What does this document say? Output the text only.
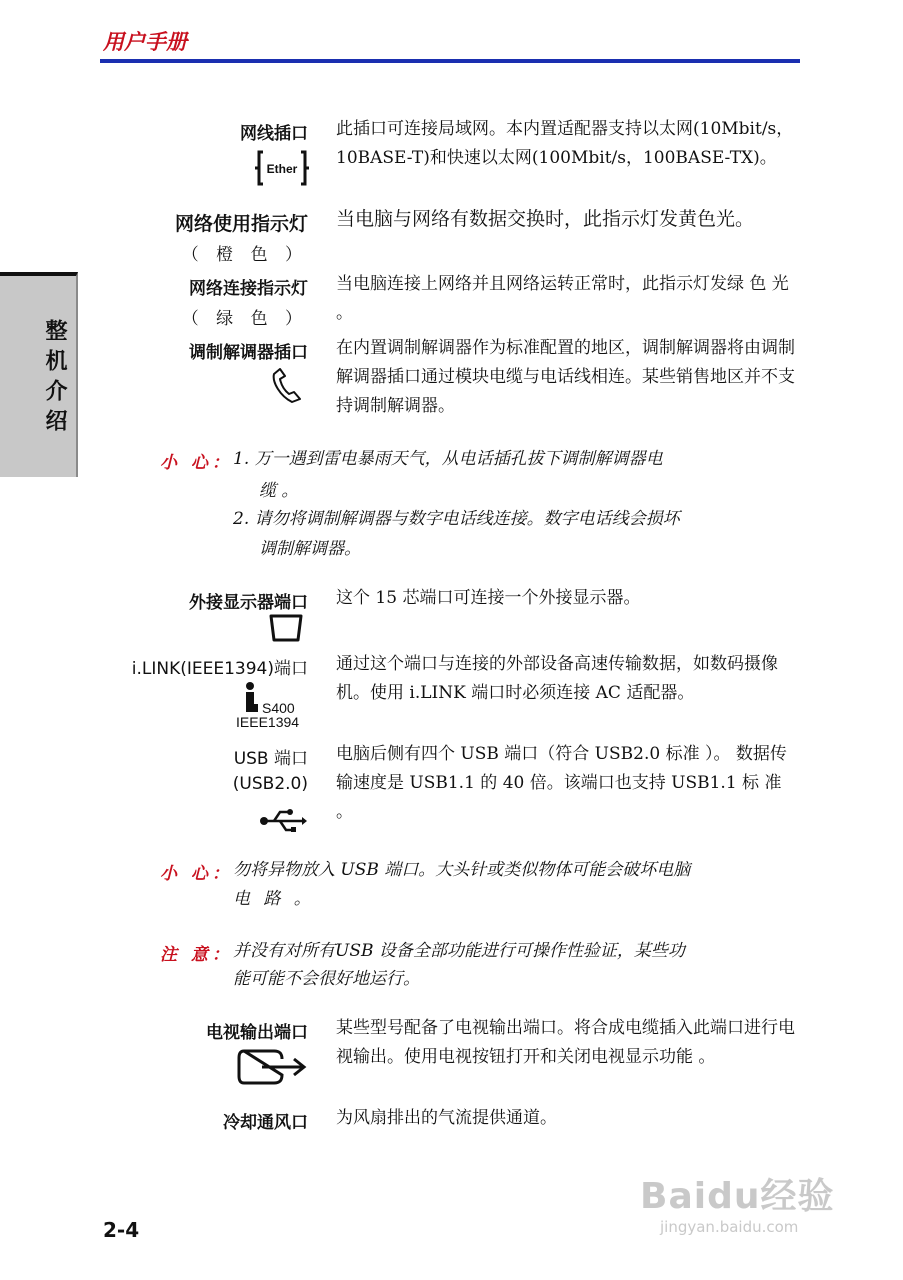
用户手册
整机介绍
网线插口
Ether
此插口可连接局域网。本内置适配器支持以太网(10Mbit/s，10BASE-T)和快速以太网(100Mbit/s，100BASE-TX)。
网络使用指示灯
（ 橙 色 ）
当电脑与网络有数据交换时，此指示灯发黄色光。
网络连接指示灯
（ 绿 色 ）
当电脑连接上网络并且网络运转正常时，此指示灯发绿 色 光 。
调制解调器插口 在内置调制解调器作为标准配置的地区，调制解调器将由调制解调器插口通过模块电缆与电话线相连。某些销售地区并不支持调制解调器。
小 心： 1. 万一遇到雷电暴雨天气，从电话插孔拔下调制解调器电
缆 。
2. 请勿将调制解调器与数字电话线连接。数字电话线会损坏
调制解调器。
外接显示器端口 这个 15 芯端口可连接一个外接显示器。
i.LINK(IEEE1394)端口
S400
IEEE1394
通过这个端口与连接的外部设备高速传输数据，如数码摄像机。使用 i.LINK 端口时必须连接 AC 适配器。
USB 端口
(USB2.0)
电脑后侧有四个 USB 端口（符合 USB2.0 标准 ）。 数据传输速度是 USB1.1 的 40 倍。该端口也支持 USB1.1 标 准 。
小 心： 勿将异物放入 USB 端口。大头针或类似物体可能会破坏电脑
电 路 。
注 意： 并没有对所有USB 设备全部功能进行可操作性验证，某些功
能可能不会很好地运行。
电视输出端口 某些型号配备了电视输出端口。将合成电缆插入此端口进行电视输出。使用电视按钮打开和关闭电视显示功能 。
冷却通风口 为风扇排出的气流提供通道。
2-4
Baidu经验
jingyan.baidu.com
